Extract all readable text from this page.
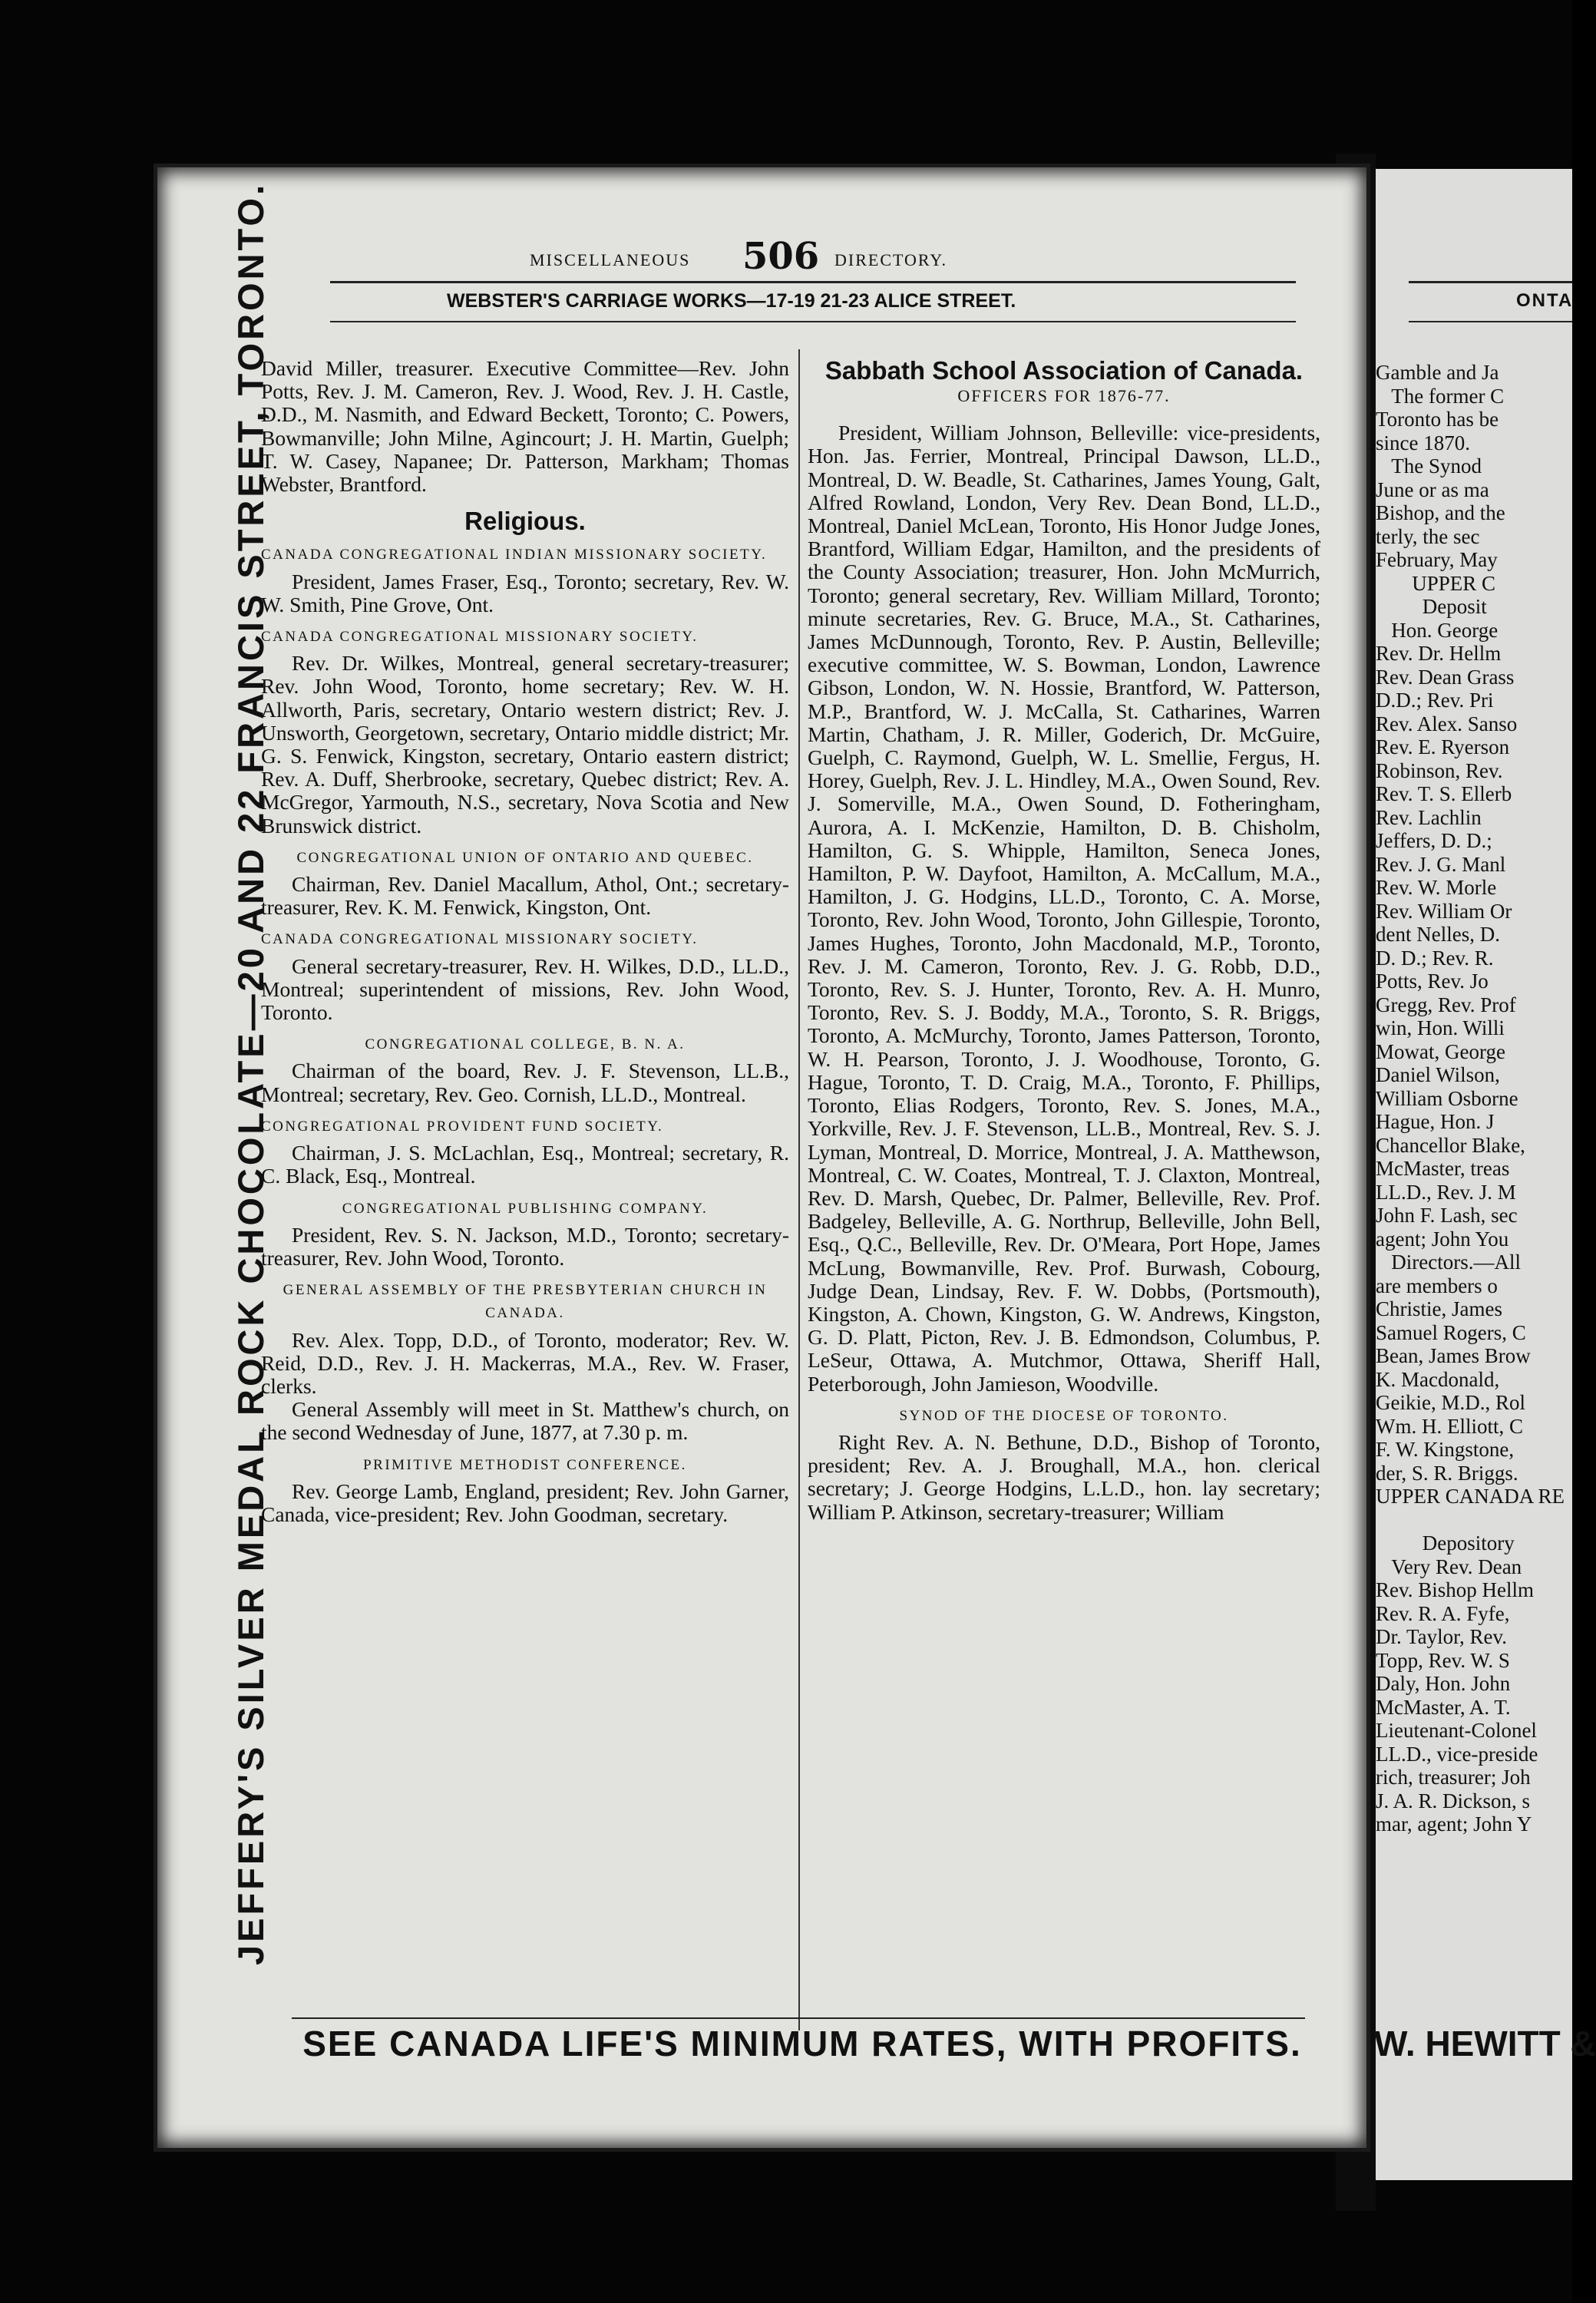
MISCELLANEOUS 506 DIRECTORY.
WEBSTER'S CARRIAGE WORKS—17-19 21-23 ALICE STREET.
JEFFERY'S SILVER MEDAL ROCK CHOCOLATE—20 AND 22 FRANCIS STREET, TORONTO.

David Miller, treasurer. Executive Committee—Rev. John Potts, Rev. J. M. Cameron, Rev. J. Wood, Rev. J. H. Castle, D.D., M. Nasmith, and Edward Beckett, Toronto; C. Powers, Bowmanville; John Milne, Agincourt; J. H. Martin, Guelph; T. W. Casey, Napanee; Dr. Patterson, Markham; Thomas Webster, Brantford.

Religious.
CANADA CONGREGATIONAL INDIAN MISSIONARY SOCIETY.

President, James Fraser, Esq., Toronto; secretary, Rev. W. W. Smith, Pine Grove, Ont.

CANADA CONGREGATIONAL MISSIONARY SOCIETY.

Rev. Dr. Wilkes, Montreal, general secretary-treasurer; Rev. John Wood, Toronto, home secretary; Rev. W. H. Allworth, Paris, secretary, Ontario western district; Rev. J. Unsworth, Georgetown, secretary, Ontario middle district; Mr. G. S. Fenwick, Kingston, secretary, Ontario eastern district; Rev. A. Duff, Sherbrooke, secretary, Quebec district; Rev. A. McGregor, Yarmouth, N.S., secretary, Nova Scotia and New Brunswick district.

CONGREGATIONAL UNION OF ONTARIO AND QUEBEC.

Chairman, Rev. Daniel Macallum, Athol, Ont.; secretary-treasurer, Rev. K. M. Fenwick, Kingston, Ont.

CANADA CONGREGATIONAL MISSIONARY SOCIETY.

General secretary-treasurer, Rev. H. Wilkes, D.D., LL.D., Montreal; superintendent of missions, Rev. John Wood, Toronto.

CONGREGATIONAL COLLEGE, B. N. A.

Chairman of the board, Rev. J. F. Stevenson, LL.B., Montreal; secretary, Rev. Geo. Cornish, LL.D., Montreal.

CONGREGATIONAL PROVIDENT FUND SOCIETY.

Chairman, J. S. McLachlan, Esq., Montreal; secretary, R. C. Black, Esq., Montreal.

CONGREGATIONAL PUBLISHING COMPANY.

President, Rev. S. N. Jackson, M.D., Toronto; secretary-treasurer, Rev. John Wood, Toronto.

GENERAL ASSEMBLY OF THE PRESBYTERIAN CHURCH IN CANADA.

Rev. Alex. Topp, D.D., of Toronto, moderator; Rev. W. Reid, D.D., Rev. J. H. Mackerras, M.A., Rev. W. Fraser, clerks.

General Assembly will meet in St. Matthew's church, on the second Wednesday of June, 1877, at 7.30 p. m.

PRIMITIVE METHODIST CONFERENCE.

Rev. George Lamb, England, president; Rev. John Garner, Canada, vice-president; Rev. John Goodman, secretary.

Sabbath School Association of Canada.
OFFICERS FOR 1876-77.

President, William Johnson, Belleville: vice-presidents, Hon. Jas. Ferrier, Montreal, Principal Dawson, LL.D., Montreal, D. W. Beadle, St. Catharines, James Young, Galt, Alfred Rowland, London, Very Rev. Dean Bond, LL.D., Montreal, Daniel McLean, Toronto, His Honor Judge Jones, Brantford, William Edgar, Hamilton, and the presidents of the County Association; treasurer, Hon. John McMurrich, Toronto; general secretary, Rev. William Millard, Toronto; minute secretaries, Rev. G. Bruce, M.A., St. Catharines, James McDunnough, Toronto, Rev. P. Austin, Belleville; executive committee, W. S. Bowman, London, Lawrence Gibson, London, W. N. Hossie, Brantford, W. Patterson, M.P., Brantford, W. J. McCalla, St. Catharines, Warren Martin, Chatham, J. R. Miller, Goderich, Dr. McGuire, Guelph, C. Raymond, Guelph, W. L. Smellie, Fergus, H. Horey, Guelph, Rev. J. L. Hindley, M.A., Owen Sound, Rev. J. Somerville, M.A., Owen Sound, D. Fotheringham, Aurora, A. I. McKenzie, Hamilton, D. B. Chisholm, Hamilton, G. S. Whipple, Hamilton, Seneca Jones, Hamilton, P. W. Dayfoot, Hamilton, A. McCallum, M.A., Hamilton, J. G. Hodgins, LL.D., Toronto, C. A. Morse, Toronto, Rev. John Wood, Toronto, John Gillespie, Toronto, James Hughes, Toronto, John Macdonald, M.P., Toronto, Rev. J. M. Cameron, Toronto, Rev. J. G. Robb, D.D., Toronto, Rev. S. J. Hunter, Toronto, Rev. A. H. Munro, Toronto, Rev. S. J. Boddy, M.A., Toronto, S. R. Briggs, Toronto, A. McMurchy, Toronto, James Patterson, Toronto, W. H. Pearson, Toronto, J. J. Woodhouse, Toronto, G. Hague, Toronto, T. D. Craig, M.A., Toronto, F. Phillips, Toronto, Elias Rodgers, Toronto, Rev. S. Jones, M.A., Yorkville, Rev. J. F. Stevenson, LL.B., Montreal, Rev. S. J. Lyman, Montreal, D. Morrice, Montreal, J. A. Matthewson, Montreal, C. W. Coates, Montreal, T. J. Claxton, Montreal, Rev. D. Marsh, Quebec, Dr. Palmer, Belleville, Rev. Prof. Badgeley, Belleville, A. G. Northrup, Belleville, John Bell, Esq., Q.C., Belleville, Rev. Dr. O'Meara, Port Hope, James McLung, Bowmanville, Rev. Prof. Burwash, Cobourg, Judge Dean, Lindsay, Rev. F. W. Dobbs, (Portsmouth), Kingston, A. Chown, Kingston, G. W. Andrews, Kingston, G. D. Platt, Picton, Rev. J. B. Edmondson, Columbus, P. LeSeur, Ottawa, A. Mutchmor, Ottawa, Sheriff Hall, Peterborough, John Jamieson, Woodville.

SYNOD OF THE DIOCESE OF TORONTO.

Right Rev. A. N. Bethune, D.D., Bishop of Toronto, president; Rev. A. J. Broughall, M.A., hon. clerical secretary; J. George Hodgins, L.L.D., hon. lay secretary; William P. Atkinson, secretary-treasurer; William

SEE CANADA LIFE'S MINIMUM RATES, WITH PROFITS.
ONTA
Gamble and Ja
The former C
Toronto has be
since 1870.
The Synod
June or as ma
Bishop, and the
terly, the sec
February, May
UPPER C
Deposit
Hon. George
Rev. Dr. Hellm
Rev. Dean Grass
D.D.; Rev. Pri
Rev. Alex. Sanso
Rev. E. Ryerson
Robinson, Rev.
Rev. T. S. Ellerb
Rev. Lachlin
Jeffers, D. D.;
Rev. J. G. Manl
Rev. W. Morle
Rev. William Or
dent Nelles, D.
D. D.; Rev. R.
Potts, Rev. Jo
Gregg, Rev. Prof
win, Hon. Willi
Mowat, George
Daniel Wilson,
William Osborne
Hague, Hon. J
Chancellor Blake,
McMaster, treas
LL.D., Rev. J. M
John F. Lash, sec
agent; John You
Directors.—All
are members o
Christie, James
Samuel Rogers, C
Bean, James Brow
K. Macdonald,
Geikie, M.D., Rol
Wm. H. Elliott, C
F. W. Kingstone,
der, S. R. Briggs.
UPPER CANADA RE
Depository
Very Rev. Dean
Rev. Bishop Hellm
Rev. R. A. Fyfe,
Dr. Taylor, Rev.
Topp, Rev. W. S
Daly, Hon. John
McMaster, A. T.
Lieutenant-Colonel
LL.D., vice-preside
rich, treasurer; Joh
J. A. R. Dickson, s
mar, agent; John Y
W. HEWITT &
